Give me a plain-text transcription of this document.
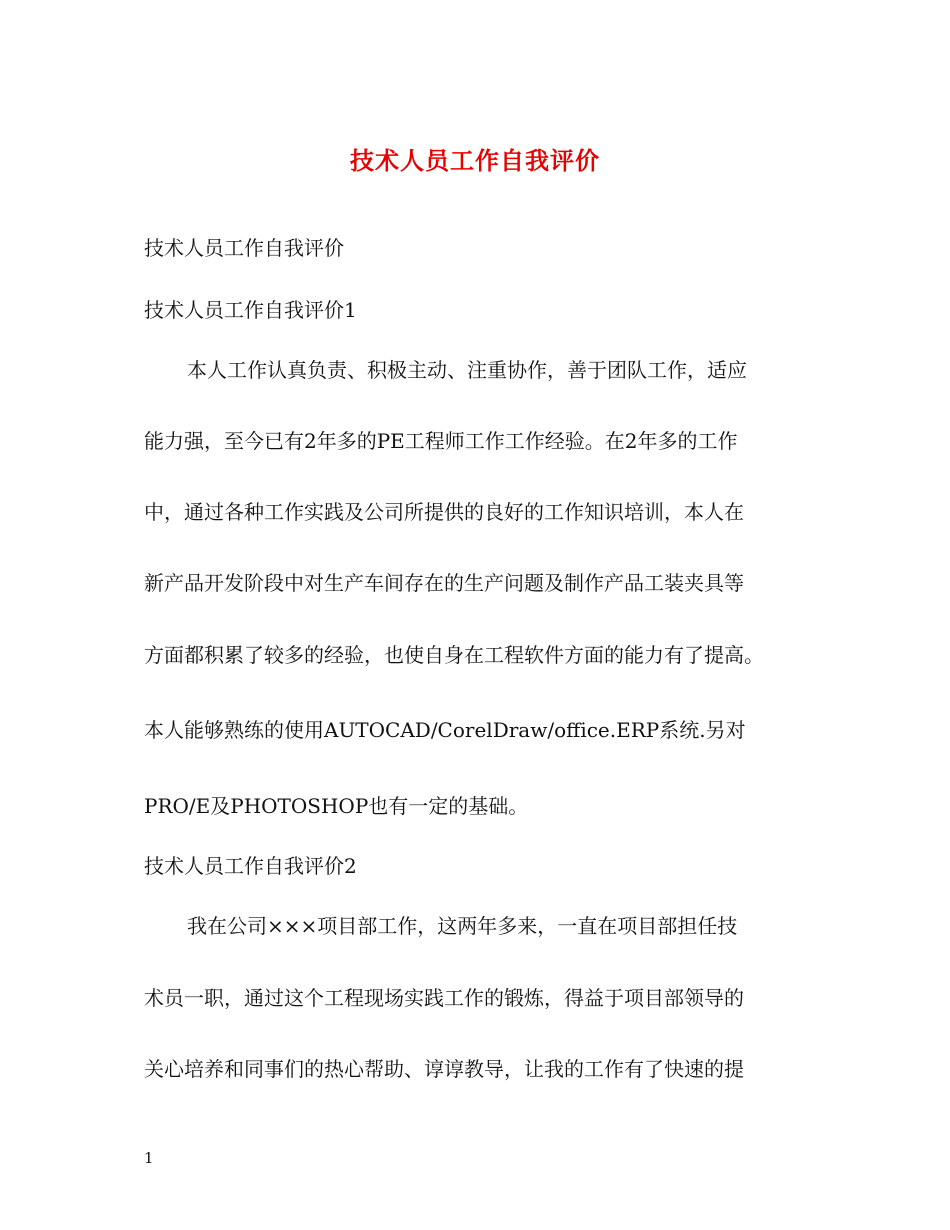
技术人员工作自我评价
技术人员工作自我评价
技术人员工作自我评价1
本人工作认真负责、积极主动、注重协作，善于团队工作，适应
能力强，至今已有2年多的PE工程师工作工作经验。在2年多的工作
中，通过各种工作实践及公司所提供的良好的工作知识培训，本人在
新产品开发阶段中对生产车间存在的生产问题及制作产品工装夹具等
方面都积累了较多的经验，也使自身在工程软件方面的能力有了提高。
本人能够熟练的使用AUTOCAD/CorelDraw/office.ERP系统.另对
PRO/E及PHOTOSHOP也有一定的基础。
技术人员工作自我评价2
我在公司×××项目部工作，这两年多来，一直在项目部担任技
术员一职，通过这个工程现场实践工作的锻炼，得益于项目部领导的
关心培养和同事们的热心帮助、谆谆教导，让我的工作有了快速的提
1
